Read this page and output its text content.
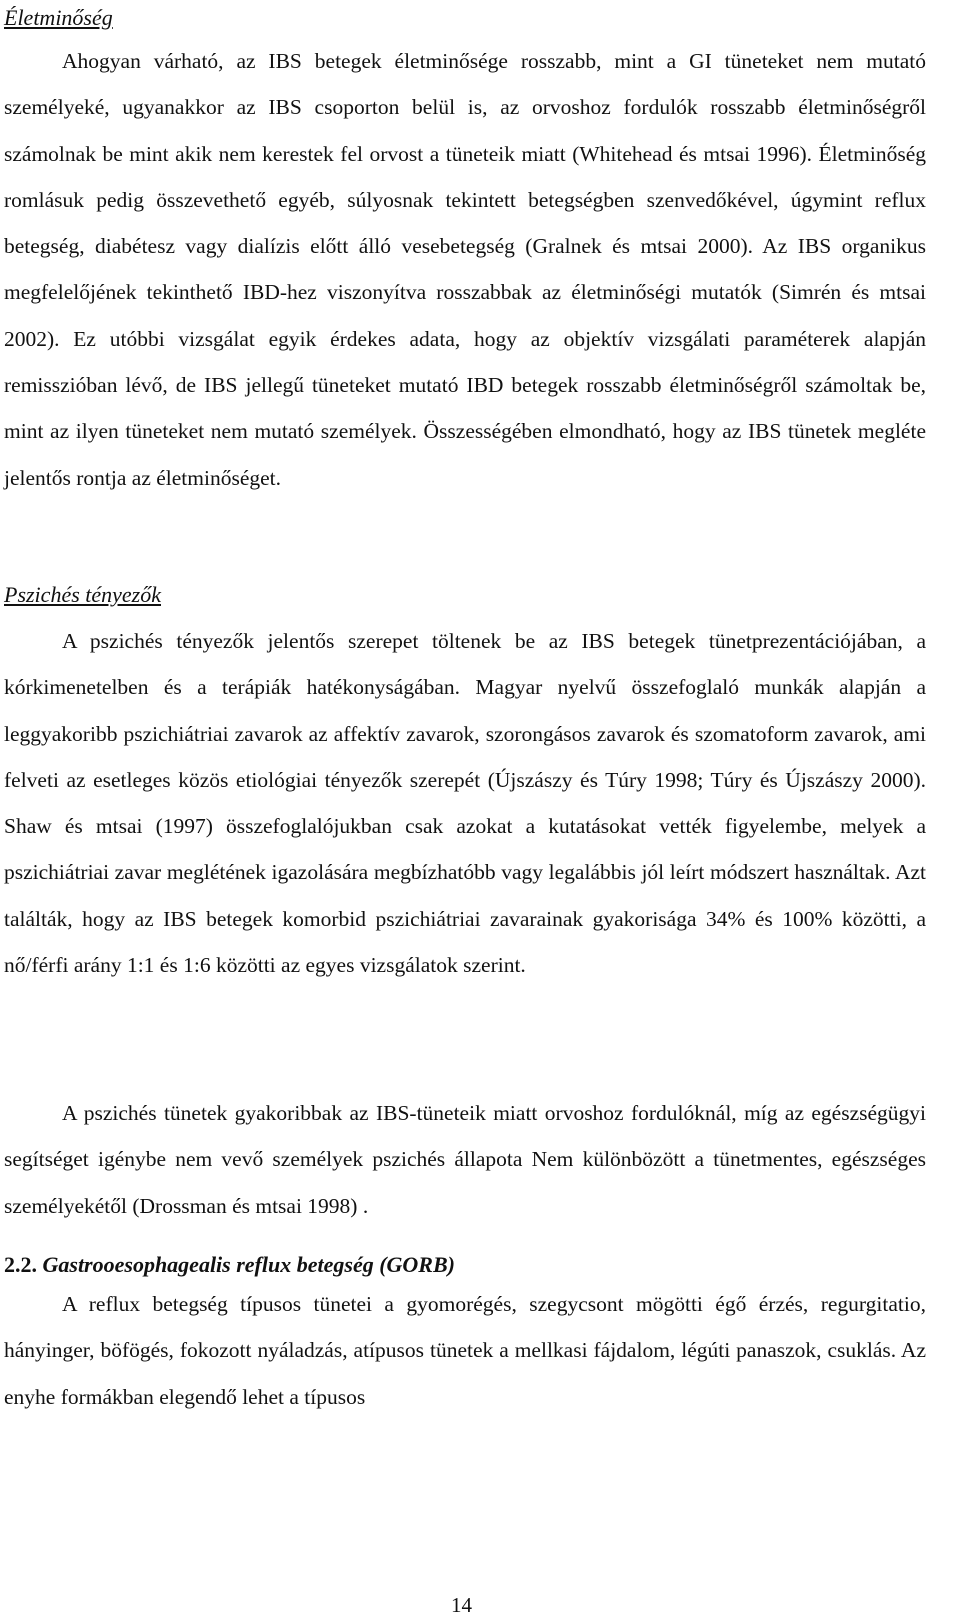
Életminőség

Ahogyan várható, az IBS betegek életminősége rosszabb, mint a GI tüneteket nem mutató személyeké, ugyanakkor az IBS csoporton belül is, az orvoshoz fordulók rosszabb életminőségről számolnak be mint akik nem kerestek fel orvost a tüneteik miatt (Whitehead és mtsai 1996). Életminőség romlásuk pedig összevethető egyéb, súlyosnak tekintett betegségben szenvedőkével, úgymint reflux betegség, diabétesz vagy dialízis előtt álló vesebetegség (Gralnek és mtsai 2000). Az IBS organikus megfelelőjének tekinthető IBD-hez viszonyítva rosszabbak az életminőségi mutatók (Simrén és mtsai 2002). Ez utóbbi vizsgálat egyik érdekes adata, hogy az objektív vizsgálati paraméterek alapján remisszióban lévő, de IBS jellegű tüneteket mutató IBD betegek rosszabb életminőségről számoltak be, mint az ilyen tüneteket nem mutató személyek. Összességében elmondható, hogy az IBS tünetek megléte jelentős rontja az életminőséget.

Pszichés tényezők

A pszichés tényezők jelentős szerepet töltenek be az IBS betegek tünetprezentációjában, a kórkimenetelben és a terápiák hatékonyságában. Magyar nyelvű összefoglaló munkák alapján a leggyakoribb pszichiátriai zavarok az affektív zavarok, szorongásos zavarok és szomatoform zavarok, ami felveti az esetleges közös etiológiai tényezők szerepét (Újszászy és Túry 1998; Túry és Újszászy 2000). Shaw és mtsai (1997) összefoglalójukban csak azokat a kutatásokat vették figyelembe, melyek a pszichiátriai zavar meglétének igazolására megbízhatóbb vagy legalábbis jól leírt módszert használtak. Azt találták, hogy az IBS betegek komorbid pszichiátriai zavarainak gyakorisága 34% és 100% közötti, a nő/férfi arány 1:1 és 1:6 közötti az egyes vizsgálatok szerint.

A pszichés tünetek gyakoribbak az IBS-tüneteik miatt orvoshoz fordulóknál, míg az egészségügyi segítséget igénybe nem vevő személyek pszichés állapota Nem különbözött a tünetmentes, egészséges személyekétől (Drossman és mtsai 1998) .

2.2. Gastrooesophagealis reflux betegség (GORB)

A reflux betegség típusos tünetei a gyomorégés, szegycsont mögötti égő érzés, regurgitatio, hányinger, böfögés, fokozott nyáladzás, atípusos tünetek a mellkasi fájdalom, légúti panaszok, csuklás. Az enyhe formákban elegendő lehet a típusos

14
